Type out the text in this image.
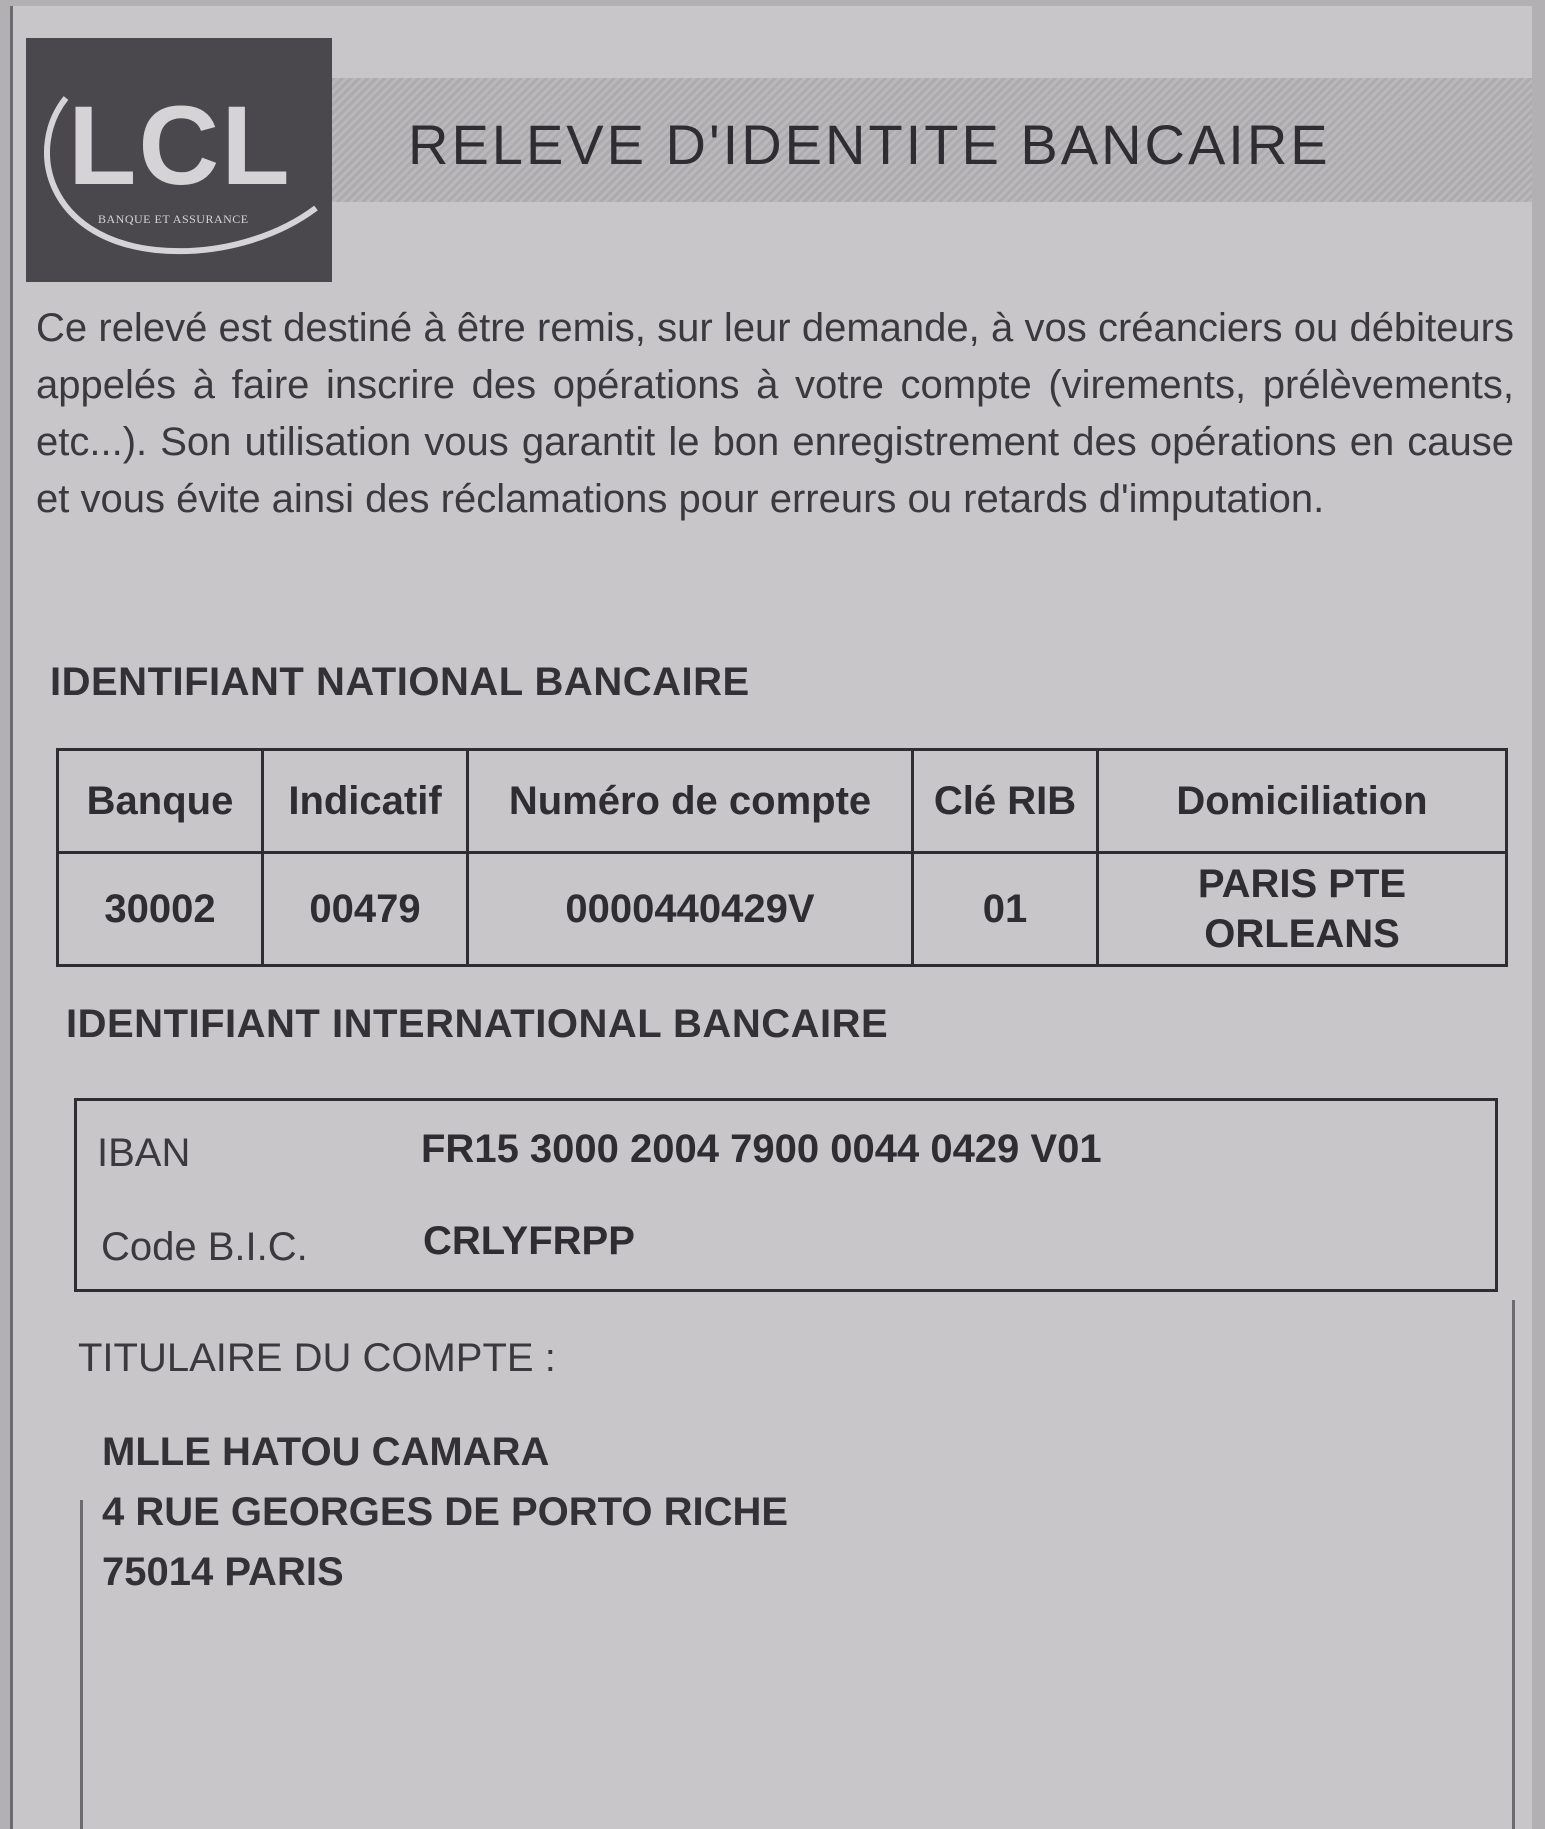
LCL
BANQUE ET ASSURANCE
RELEVE D'IDENTITE BANCAIRE
Ce relevé est destiné à être remis, sur leur demande, à vos créanciers ou débiteurs appelés à faire inscrire des opérations à votre compte (virements, prélèvements, etc...). Son utilisation vous garantit le bon enregistrement des opérations en cause et vous évite ainsi des réclamations pour erreurs ou retards d'imputation.
IDENTIFIANT NATIONAL BANCAIRE
Banque	Indicatif	Numéro de compte	Clé RIB	Domiciliation
30002	00479	0000440429V	01	PARIS PTE
ORLEANS
IDENTIFIANT INTERNATIONAL BANCAIRE
IBAN	FR15 3000 2004 7900 0044 0429 V01
Code B.I.C.	CRLYFRPP
TITULAIRE DU COMPTE :
MLLE HATOU CAMARA
4 RUE GEORGES DE PORTO RICHE
75014 PARIS
